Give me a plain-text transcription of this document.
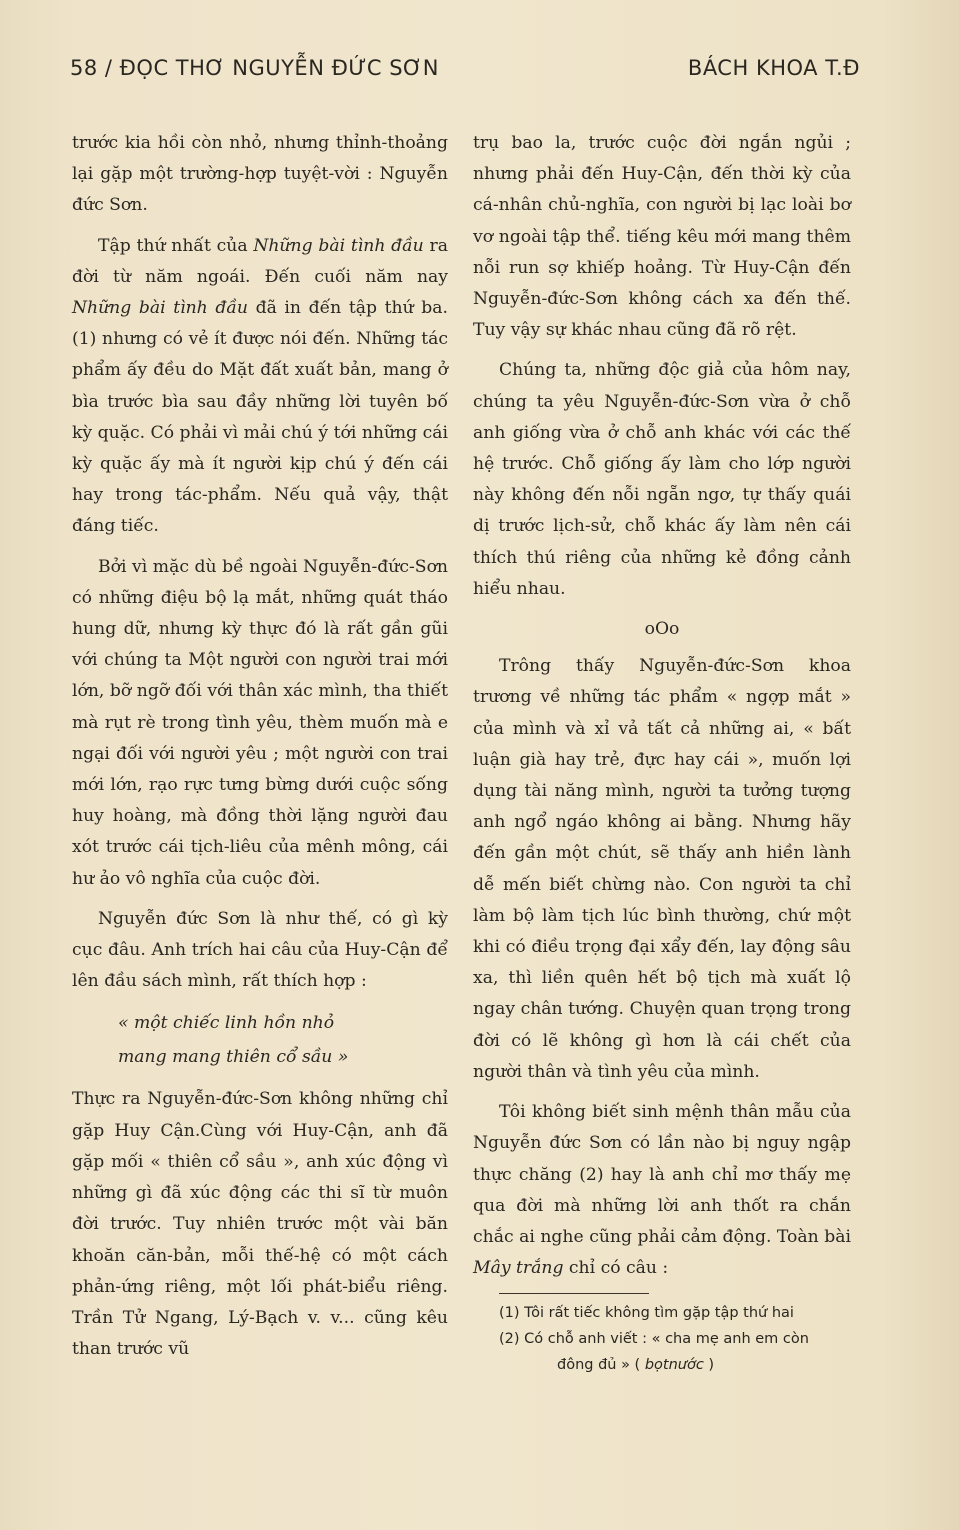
58 / ĐỌC THƠ NGUYỄN ĐỨC SƠN	BÁCH KHOA T.Đ

trước kia hồi còn nhỏ, nhưng thỉnh-thoảng lại gặp một trường-hợp tuyệt-vời : Nguyễn đức Sơn.

Tập thứ nhất của Những bài tình đầu ra đời từ năm ngoái. Đến cuối năm nay Những bài tình đầu đã in đến tập thứ ba. (1) nhưng có vẻ ít được nói đến. Những tác phẩm ấy đều do Mặt đất xuất bản, mang ở bìa trước bìa sau đầy những lời tuyên bố kỳ quặc. Có phải vì mải chú ý tới những cái kỳ quặc ấy mà ít người kịp chú ý đến cái hay trong tác-phẩm. Nếu quả vậy, thật đáng tiếc.

Bởi vì mặc dù bề ngoài Nguyễn-đức-Sơn có những điệu bộ lạ mắt, những quát tháo hung dữ, nhưng kỳ thực đó là rất gần gũi với chúng ta Một người con người trai mới lớn, bỡ ngỡ đối với thân xác mình, tha thiết mà rụt rè trong tình yêu, thèm muốn mà e ngại đối với người yêu ; một người con trai mới lớn, rạo rực tưng bừng dưới cuộc sống huy hoàng, mà đồng thời lặng người đau xót trước cái tịch-liêu của mênh mông, cái hư ảo vô nghĩa của cuộc đời.

Nguyễn đức Sơn là như thế, có gì kỳ cục đâu. Anh trích hai câu của Huy-Cận để lên đầu sách mình, rất thích hợp :

« một chiếc linh hồn nhỏ
mang mang thiên cổ sầu »

Thực ra Nguyễn-đức-Sơn không những chỉ gặp Huy Cận.Cùng với Huy-Cận, anh đã gặp mối « thiên cổ sầu », anh xúc động vì những gì đã xúc động các thi sĩ từ muôn đời trước. Tuy nhiên trước một vài băn khoăn căn-bản, mỗi thế-hệ có một cách phản-ứng riêng, một lối phát-biểu riêng. Trần Tử Ngang, Lý-Bạch v. v... cũng kêu than trước vũ

trụ bao la, trước cuộc đời ngắn ngủi ; nhưng phải đến Huy-Cận, đến thời kỳ của cá-nhân chủ-nghĩa, con người bị lạc loài bơ vơ ngoài tập thể. tiếng kêu mới mang thêm nỗi run sợ khiếp hoảng. Từ Huy-Cận đến Nguyễn-đức-Sơn không cách xa đến thế. Tuy vậy sự khác nhau cũng đã rõ rệt.

Chúng ta, những độc giả của hôm nay, chúng ta yêu Nguyễn-đức-Sơn vừa ở chỗ anh giống vừa ở chỗ anh khác với các thế hệ trước. Chỗ giống ấy làm cho lớp người này không đến nỗi ngẵn ngơ, tự thấy quái dị trước lịch-sử, chỗ khác ấy làm nên cái thích thú riêng của những kẻ đồng cảnh hiểu nhau.

oOo

Trông thấy Nguyễn-đức-Sơn khoa trương về những tác phẩm « ngợp mắt » của mình và xỉ vả tất cả những ai, « bất luận già hay trẻ, đực hay cái », muốn lợi dụng tài năng mình, người ta tưởng tượng anh ngổ ngáo không ai bằng. Nhưng hãy đến gần một chút, sẽ thấy anh hiền lành dễ mến biết chừng nào. Con người ta chỉ làm bộ làm tịch lúc bình thường, chứ một khi có điều trọng đại xẩy đến, lay động sâu xa, thì liền quên hết bộ tịch mà xuất lộ ngay chân tướng. Chuyện quan trọng trong đời có lẽ không gì hơn là cái chết của người thân và tình yêu của mình.

Tôi không biết sinh mệnh thân mẫu của Nguyễn đức Sơn có lần nào bị nguy ngập thực chăng (2) hay là anh chỉ mơ thấy mẹ qua đời mà những lời anh thốt ra chắn chắc ai nghe cũng phải cảm động. Toàn bài Mây trắng chỉ có câu :

(1) Tôi rất tiếc không tìm gặp tập thứ hai

(2) Có chỗ anh viết : « cha mẹ anh em còn

đông đủ » ( bọtnước )
